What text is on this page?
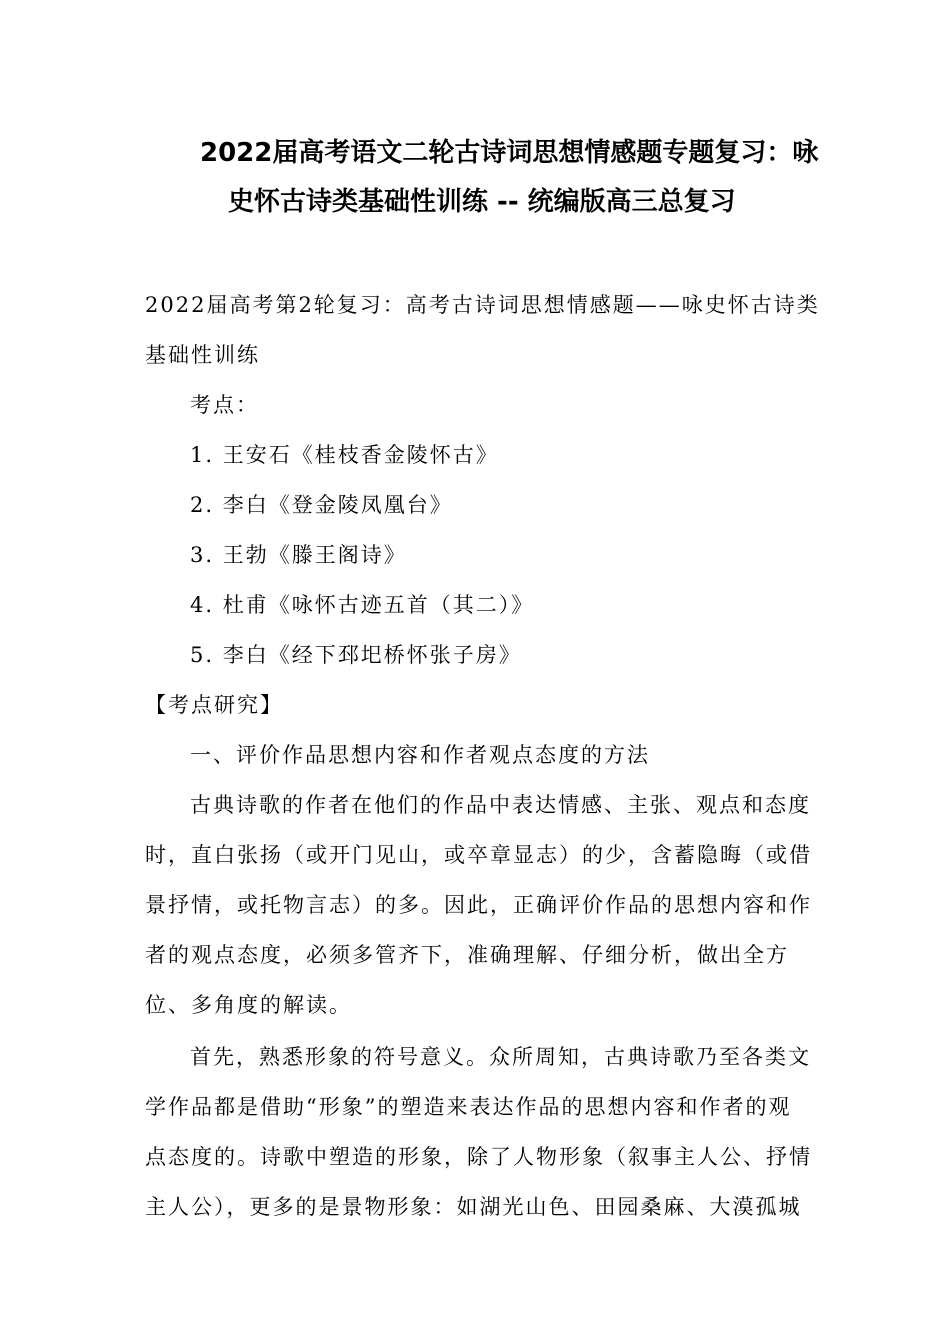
2022届高考语文二轮古诗词思想情感题专题复习：咏
史怀古诗类基础性训练 -- 统编版高三总复习

2022届高考第2轮复习：高考古诗词思想情感题——咏史怀古诗类

基础性训练

考点：

1. 王安石《桂枝香金陵怀古》

2. 李白《登金陵凤凰台》

3. 王勃《滕王阁诗》

4. 杜甫《咏怀古迹五首（其二）》

5. 李白《经下邳圯桥怀张子房》

【考点研究】

一、评价作品思想内容和作者观点态度的方法

古典诗歌的作者在他们的作品中表达情感、主张、观点和态度

时，直白张扬（或开门见山，或卒章显志）的少，含蓄隐晦（或借

景抒情，或托物言志）的多。因此，正确评价作品的思想内容和作

者的观点态度，必须多管齐下，准确理解、仔细分析，做出全方

位、多角度的解读。

首先，熟悉形象的符号意义。众所周知，古典诗歌乃至各类文

学作品都是借助“形象”的塑造来表达作品的思想内容和作者的观

点态度的。诗歌中塑造的形象，除了人物形象（叙事主人公、抒情

主人公），更多的是景物形象：如湖光山色、田园桑麻、大漠孤城
